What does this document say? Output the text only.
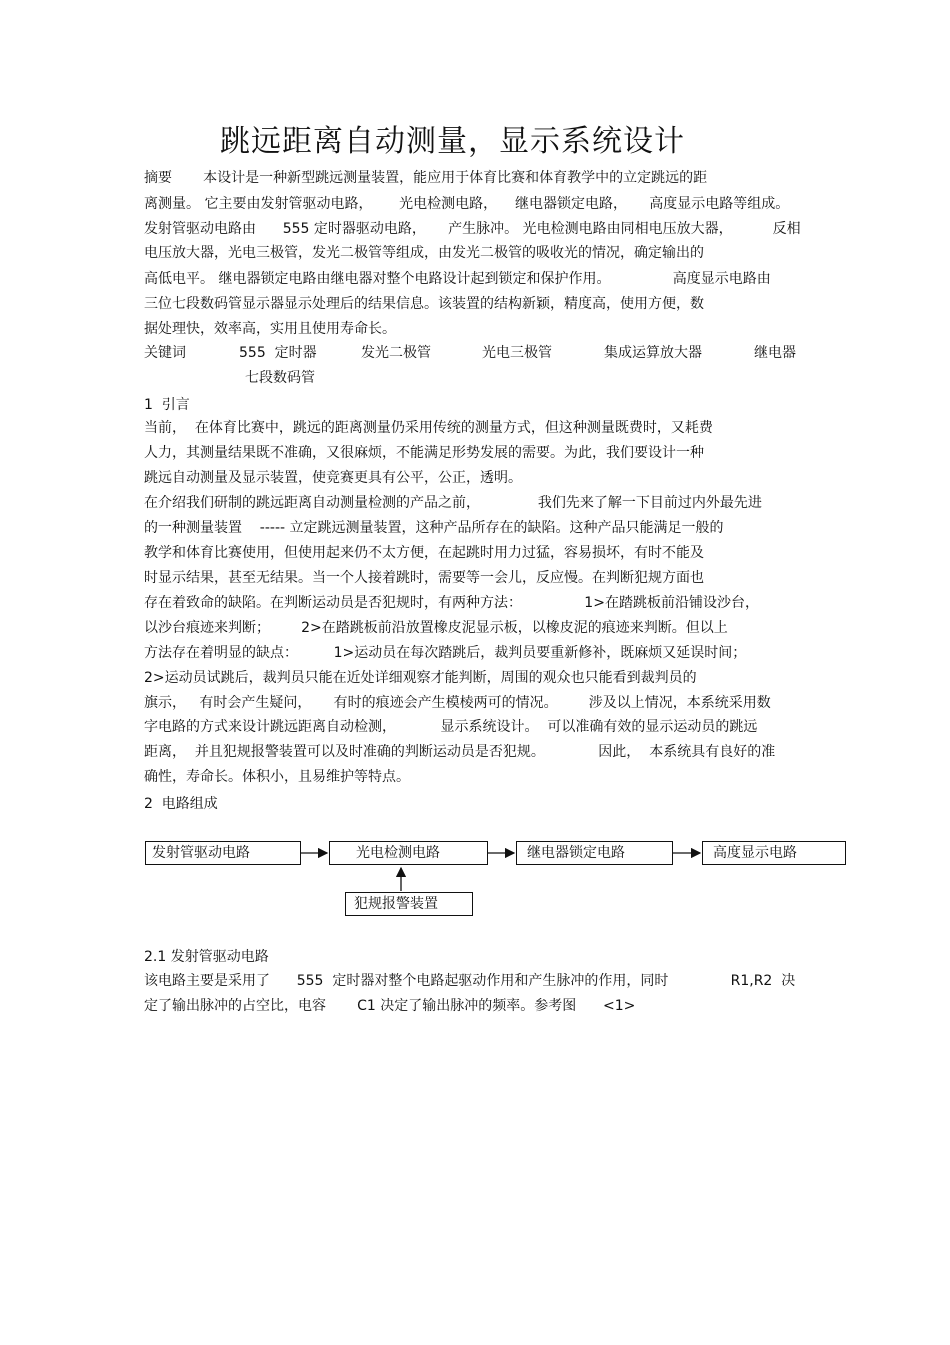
跳远距离自动测量，显示系统设计
摘要       本设计是一种新型跳远测量装置，能应用于体育比赛和体育教学中的立定跳远的距
离测量。 它主要由发射管驱动电路，      光电检测电路，    继电器锁定电路，     高度显示电路等组成。
发射管驱动电路由      555 定时器驱动电路，     产生脉冲。 光电检测电路由同相电压放大器，         反相
电压放大器，光电三极管，发光二极管等组成，由发光二极管的吸收光的情况，确定输出的
高低电平。 继电器锁定电路由继电器对整个电路设计起到锁定和保护作用。              高度显示电路由
三位七段数码管显示器显示处理后的结果信息。该装置的结构新颖，精度高，使用方便，数
据处理快，效率高，实用且使用寿命长。
关键词	555  定时器	发光二极管	光电三极管	集成运算放大器	继电器
七段数码管
1  引言
当前，  在体育比赛中，跳远的距离测量仍采用传统的测量方式，但这种测量既费时，又耗费
人力，其测量结果既不准确，又很麻烦，不能满足形势发展的需要。为此，我们要设计一种
跳远自动测量及显示装置，使竞赛更具有公平，公正，透明。
在介绍我们研制的跳远距离自动测量检测的产品之前，             我们先来了解一下目前过内外最先进
的一种测量装置    ----- 立定跳远测量装置，这种产品所存在的缺陷。这种产品只能满足一般的
教学和体育比赛使用，但使用起来仍不太方便，在起跳时用力过猛，容易损坏，有时不能及
时显示结果，甚至无结果。当一个人接着跳时，需要等一会儿，反应慢。在判断犯规方面也
存在着致命的缺陷。在判断运动员是否犯规时，有两种方法：              1>在踏跳板前沿铺设沙台，
以沙台痕迹来判断；       2>在踏跳板前沿放置橡皮泥显示板，以橡皮泥的痕迹来判断。但以上
方法存在着明显的缺点：        1>运动员在每次踏跳后，裁判员要重新修补，既麻烦又延误时间；
2>运动员试跳后，裁判员只能在近处详细观察才能判断，周围的观众也只能看到裁判员的
旗示，   有时会产生疑问，     有时的痕迹会产生模棱两可的情况。       涉及以上情况，本系统采用数
字电路的方式来设计跳远距离自动检测，          显示系统设计。  可以准确有效的显示运动员的跳远
距离，  并且犯规报警装置可以及时准确的判断运动员是否犯规。            因此，  本系统具有良好的准
确性，寿命长。体积小，且易维护等特点。
2  电路组成
发射管驱动电路	光电检测电路	继电器锁定电路	高度显示电路
犯规报警装置
2.1 发射管驱动电路
该电路主要是采用了      555  定时器对整个电路起驱动作用和产生脉冲的作用，同时              R1,R2  决
定了输出脉冲的占空比，电容       C1 决定了输出脉冲的频率。参考图      <1>
